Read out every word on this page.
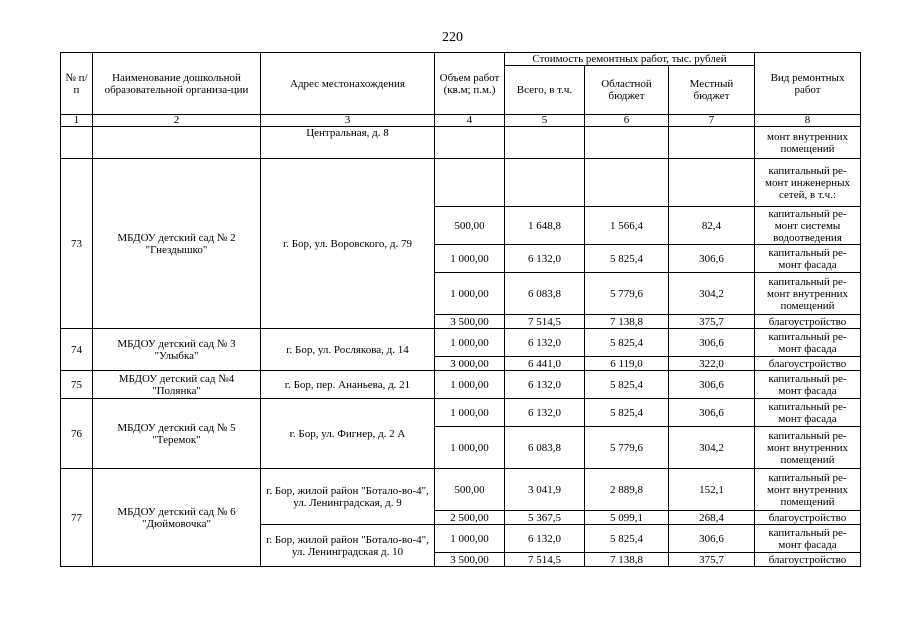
220
№ п/п	Наименование дошкольной образовательной организа-ции	Адрес местонахождения	Объем работ (кв.м; п.м.)	Стоимость ремонтных работ, тыс. рублей			Вид ремонтных работ
				Всего, в т.ч.	Областной бюджет	Местный бюджет	
1	2	3	4	5	6	7	8
		Центральная, д. 8					монт внутренних помещений
73	МБДОУ детский сад № 2 "Гнездышко"	г. Бор, ул. Воровского, д. 79					капитальный ре-монт инженерных сетей, в т.ч.:
			500,00	1 648,8	1 566,4	82,4	капитальный ре-монт системы водоотведения
			1 000,00	6 132,0	5 825,4	306,6	капитальный ре-монт фасада
			1 000,00	6 083,8	5 779,6	304,2	капитальный ре-монт внутренних помещений
			3 500,00	7 514,5	7 138,8	375,7	благоустройство
74	МБДОУ детский сад № 3 "Улыбка"	г. Бор, ул. Рослякова, д. 14	1 000,00	6 132,0	5 825,4	306,6	капитальный ре-монт фасада
			3 000,00	6 441,0	6 119,0	322,0	благоустройство
75	МБДОУ детский сад №4 "Полянка"	г. Бор, пер. Ананьева, д. 21	1 000,00	6 132,0	5 825,4	306,6	капитальный ре-монт фасада
76	МБДОУ детский сад № 5 "Теремок"	г. Бор, ул. Фигнер, д. 2 А	1 000,00	6 132,0	5 825,4	306,6	капитальный ре-монт фасада
			1 000,00	6 083,8	5 779,6	304,2	капитальный ре-монт внутренних помещений
77	МБДОУ детский сад № 6 "Дюймовочка"	г. Бор, жилой район "Ботало-во-4", ул. Ленинградская, д. 9	500,00	3 041,9	2 889,8	152,1	капитальный ре-монт внутренних помещений
			2 500,00	5 367,5	5 099,1	268,4	благоустройство
		г. Бор, жилой район "Ботало-во-4", ул. Ленинградская д. 10	1 000,00	6 132,0	5 825,4	306,6	капитальный ре-монт фасада
			3 500,00	7 514,5	7 138,8	375,7	благоустройство
